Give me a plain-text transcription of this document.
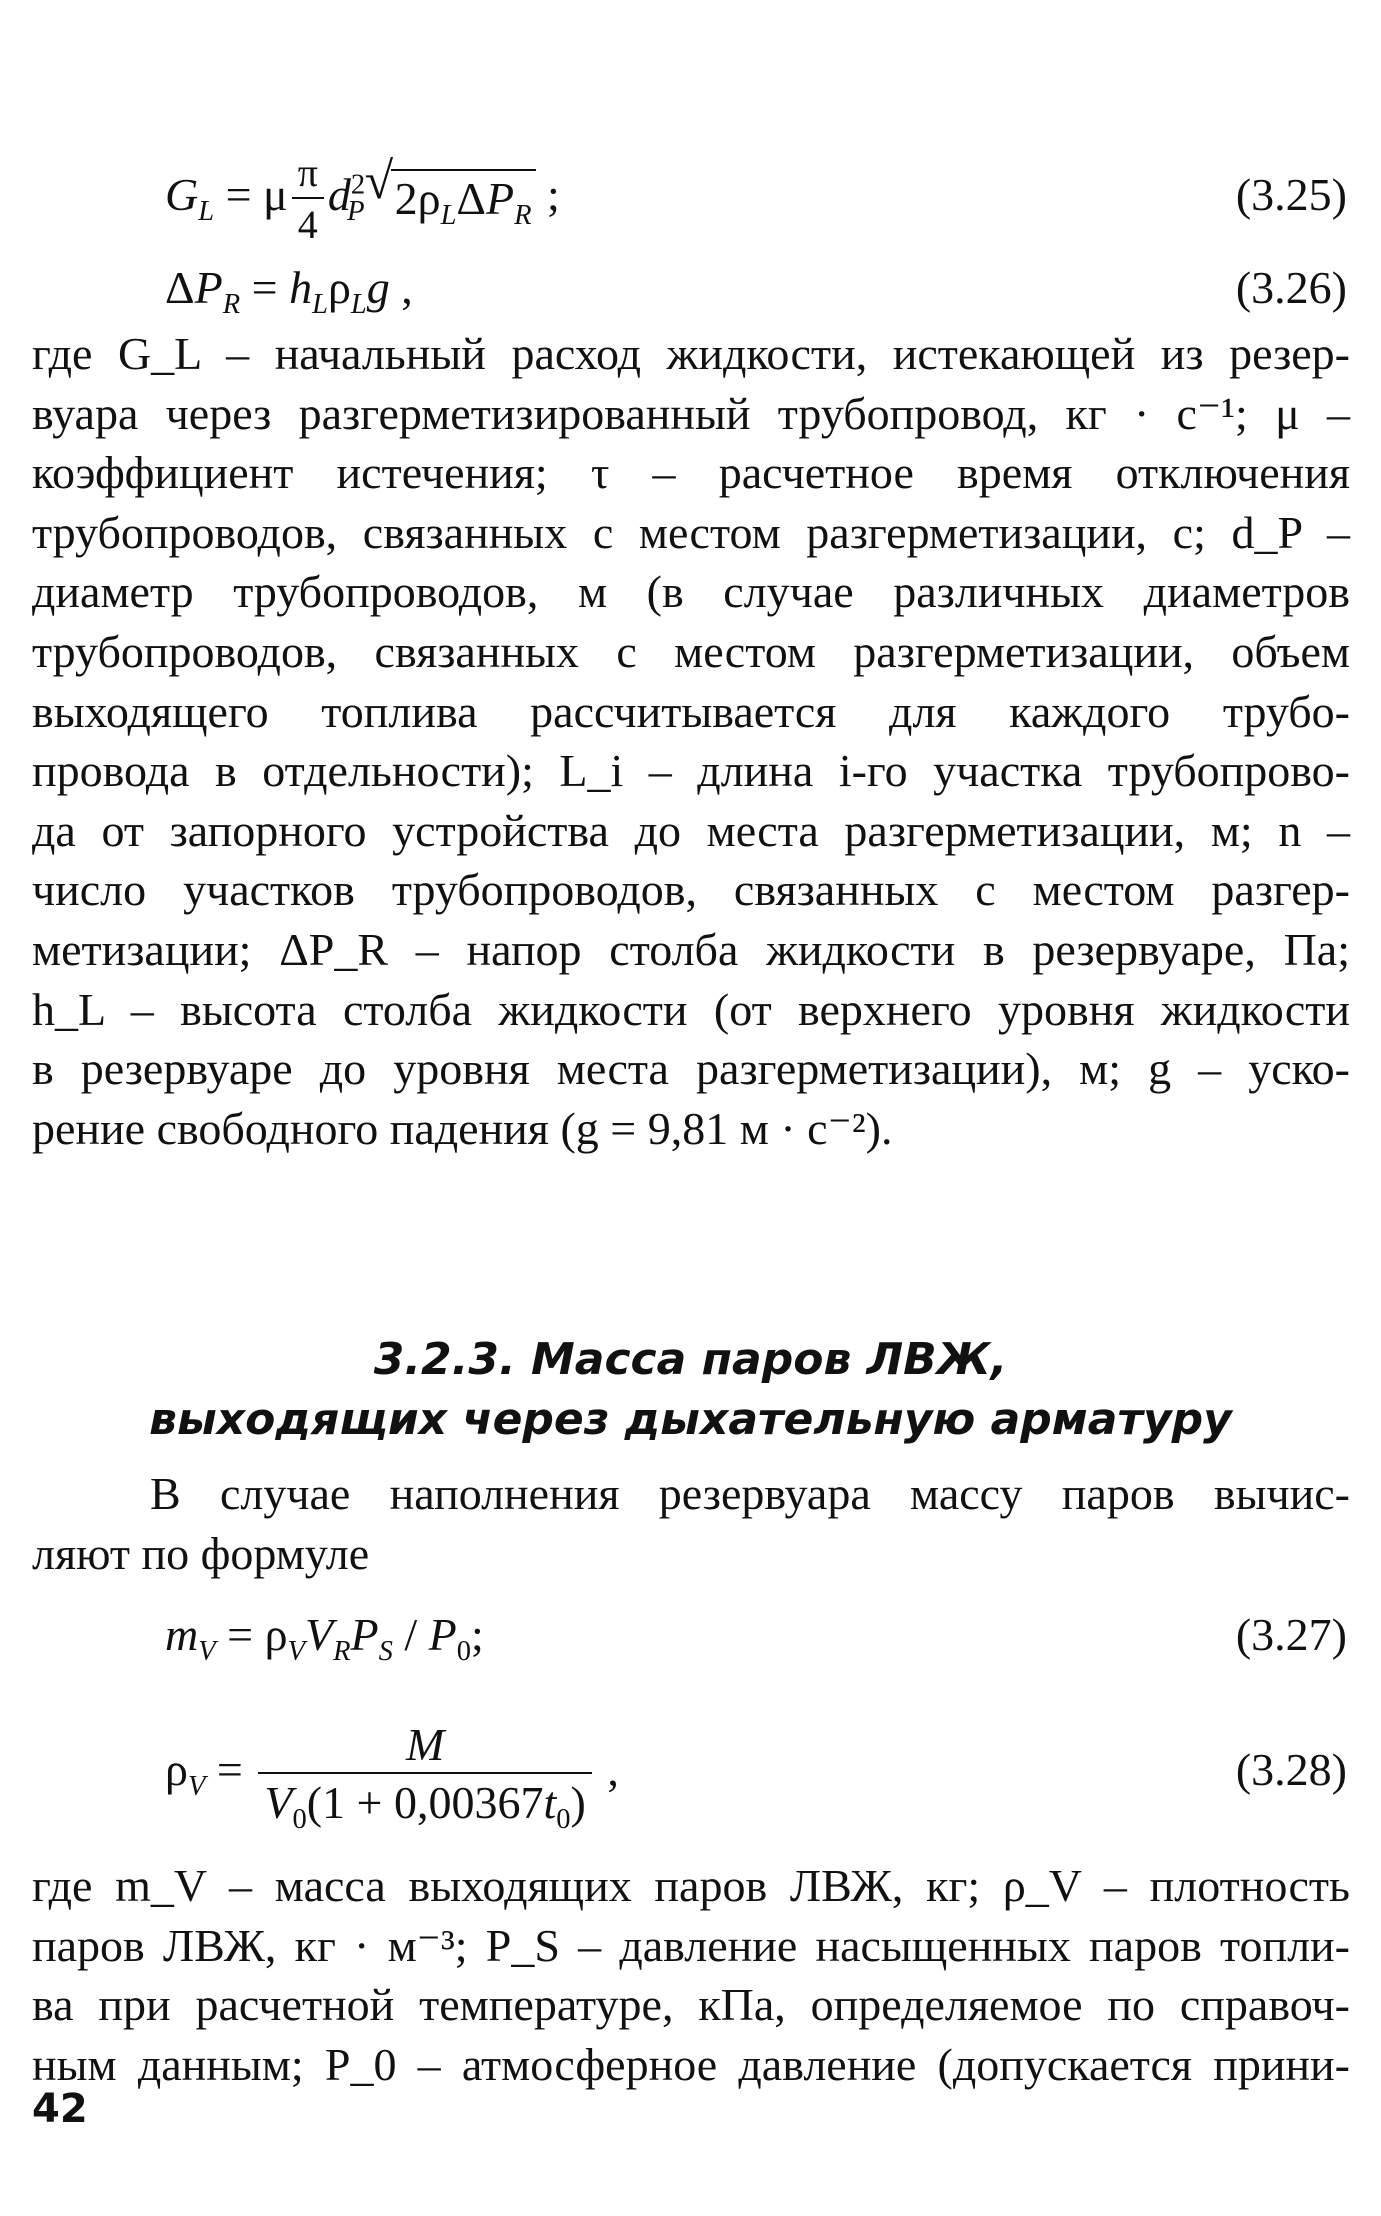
$G_L = \mu \frac{\pi}{4} d^2_P$
√ $2\rho_L\Delta P_R$ ;	(3.25)
$\Delta P_R = h_L\rho_Lg$ ,	(3.26)
где G_L – начальный расход жидкости, истекающей из резер-
вуара через разгерметизированный трубопровод, кг · с⁻¹; μ –
коэффициент истечения; τ – расчетное время отключения
трубопроводов, связанных с местом разгерметизации, с; d_P –
диаметр трубопроводов, м (в случае различных диаметров
трубопроводов, связанных с местом разгерметизации, объем
выходящего топлива рассчитывается для каждого трубо-
провода в отдельности); L_i – длина i-го участка трубопрово-
да от запорного устройства до места разгерметизации, м; n –
число участков трубопроводов, связанных с местом разгер-
метизации; ΔP_R – напор столба жидкости в резервуаре, Па;
h_L – высота столба жидкости (от верхнего уровня жидкости
в резервуаре до уровня места разгерметизации), м; g – уско-
рение свободного падения (g = 9,81 м · с⁻²).
3.2.3. Масса паров ЛВЖ,
выходящих через дыхательную арматуру
В случае наполнения резервуара массу паров вычис-
ляют по формуле
$m_V = \rho_VV_RP_S / P_0$;	(3.27)
$\rho_V = \frac{M}{V_0(1 + 0,00367t_0)}$ ,	(3.28)
где m_V – масса выходящих паров ЛВЖ, кг; ρ_V – плотность
паров ЛВЖ, кг · м⁻³; P_S – давление насыщенных паров топли-
ва при расчетной температуре, кПа, определяемое по справоч-
ным данным; P_0 – атмосферное давление (допускается прини-
42
